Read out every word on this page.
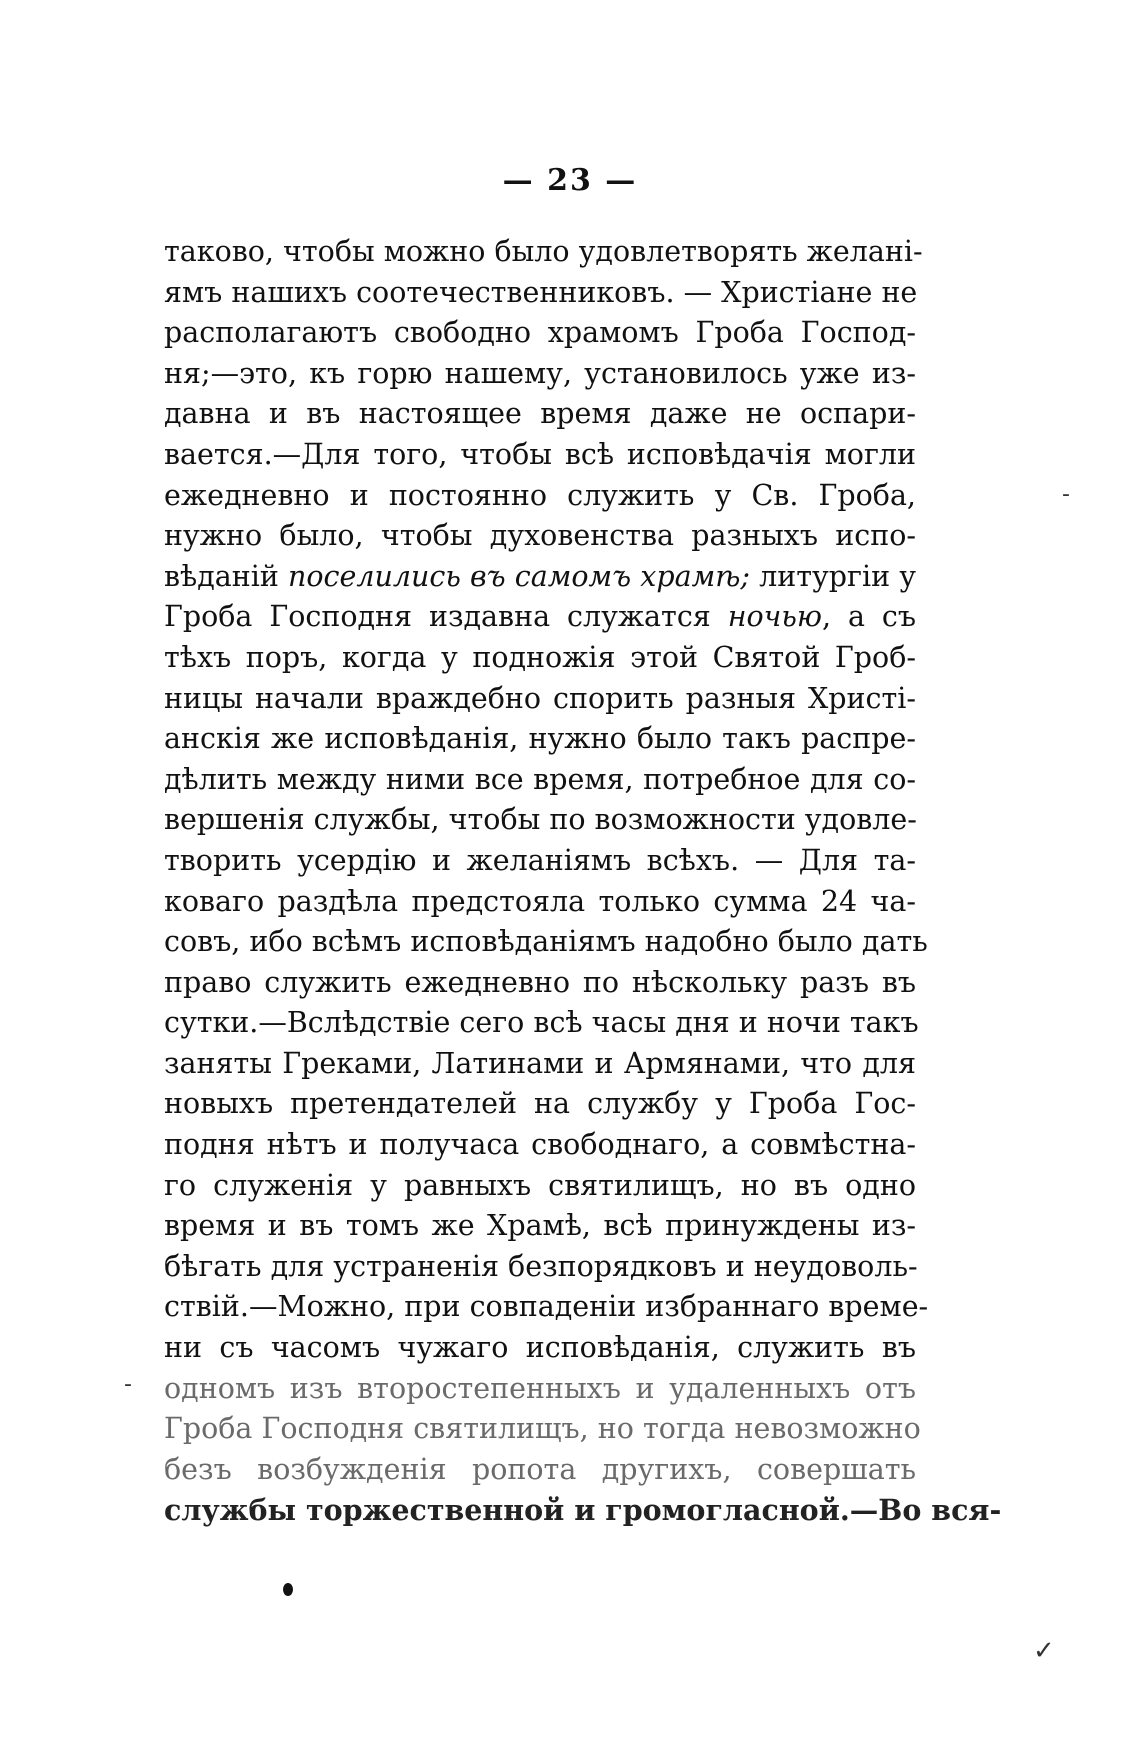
— 23 —
таково, чтобы можно было удовлетворять желані-
ямъ нашихъ соотечественниковъ. — Христіане не
располагаютъ свободно храмомъ Гроба Господ-
ня;—это, къ горю нашему, установилось уже из-
давна и въ настоящее время даже не оспари-
вается.—Для того, чтобы всѣ исповѣдачія могли
ежедневно и постоянно служить у Св. Гроба,
нужно было, чтобы духовенства разныхъ испо-
вѣданій поселились въ самомъ храмѣ; литургіи у
Гроба Господня издавна служатся ночью, а съ
тѣхъ поръ, когда у подножія этой Святой Гроб-
ницы начали враждебно спорить разныя Христі-
анскія же исповѣданія, нужно было такъ распре-
дѣлить между ними все время, потребное для со-
вершенія службы, чтобы по возможности удовле-
творить усердію и желаніямъ всѣхъ. — Для та-
коваго раздѣла предстояла только сумма 24 ча-
совъ, ибо всѣмъ исповѣданіямъ надобно было дать
право служить ежедневно по нѣскольку разъ въ
сутки.—Вслѣдствіе сего всѣ часы дня и ночи такъ
заняты Греками, Латинами и Армянами, что для
новыхъ претендателей на службу у Гроба Гос-
подня нѣтъ и получаса свободнаго, а совмѣстна-
го служенія у равныхъ святилищъ, но въ одно
время и въ томъ же Храмѣ, всѣ принуждены из-
бѣгать для устраненія безпорядковъ и неудоволь-
ствій.—Можно, при совпаденіи избраннаго време-
ни съ часомъ чужаго исповѣданія, служить въ
одномъ изъ второстепенныхъ и удаленныхъ отъ
Гроба Господня святилищъ, но тогда невозможно
безъ возбужденія ропота другихъ, совершать
службы торжественной и громогласной.—Во вся-
-
-
✓
